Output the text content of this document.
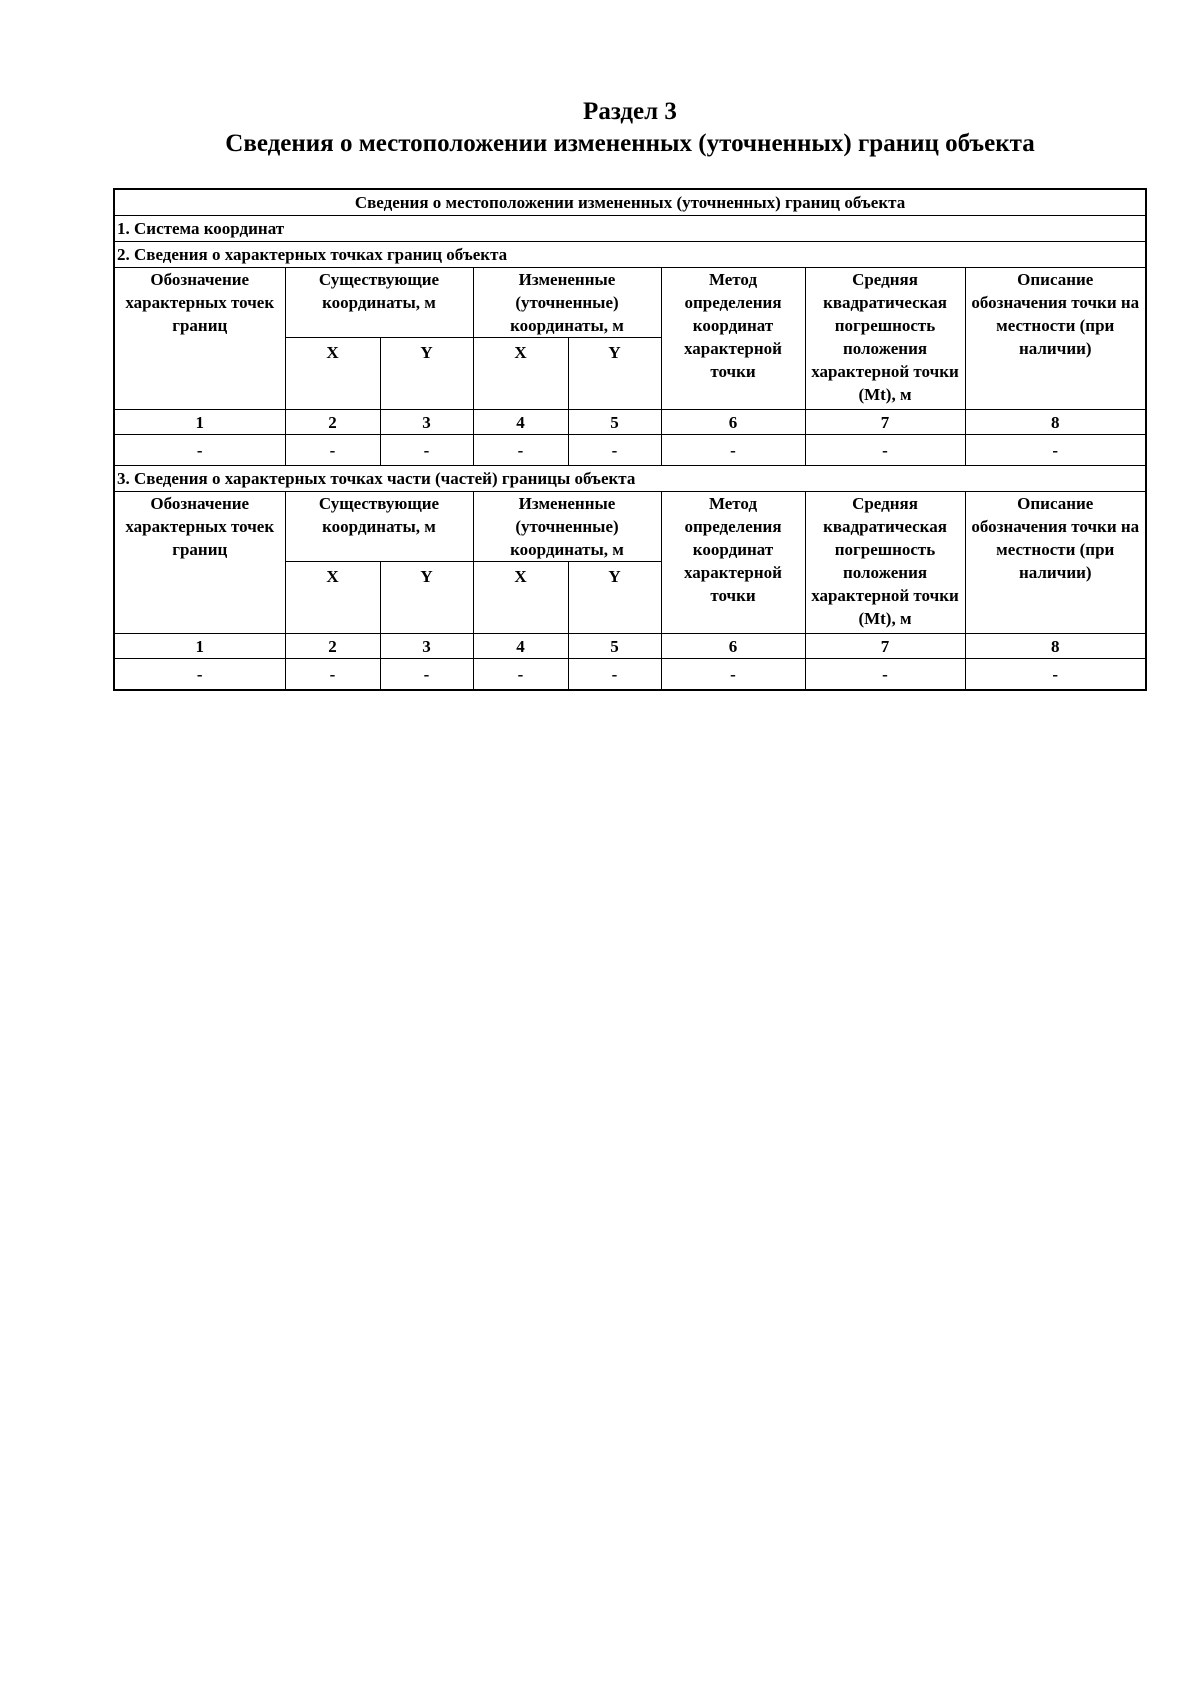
Раздел 3
Сведения о местоположении измененных (уточненных) границ объекта
Сведения о местоположении измененных (уточненных) границ объекта							
1. Система координат							
2. Сведения о характерных точках границ объекта							
Обозначение характерных точек границ	Существующие координаты, м		Измененные (уточненные) координаты, м		Метод определения координат характерной точки	Средняя квадратическая погрешность положения характерной точки (Mt), м	Описание обозначения точки на местности (при наличии)
	X	Y	X	Y			
1	2	3	4	5	6	7	8
-	-	-	-	-	-	-	-
3. Сведения о характерных точках части (частей) границы объекта							
Обозначение характерных точек границ	Существующие координаты, м		Измененные (уточненные) координаты, м		Метод определения координат характерной точки	Средняя квадратическая погрешность положения характерной точки (Mt), м	Описание обозначения точки на местности (при наличии)
	X	Y	X	Y			
1	2	3	4	5	6	7	8
-	-	-	-	-	-	-	-
